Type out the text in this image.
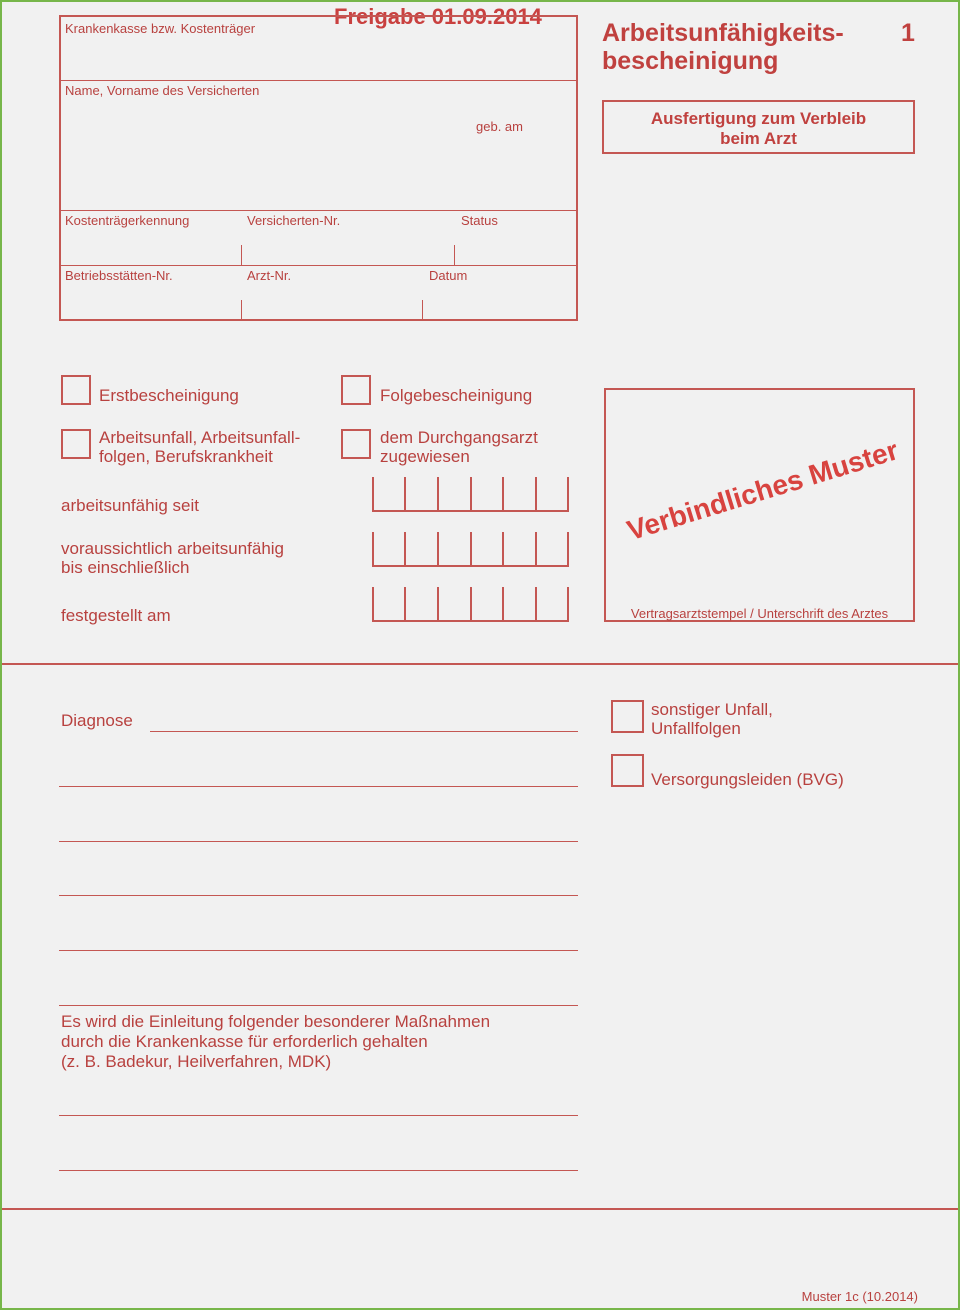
Freigabe 01.09.2014
Arbeitsunfähigkeits-
bescheinigung
1
Ausfertigung zum Verbleib
beim Arzt
Krankenkasse bzw. Kostenträger
Name, Vorname des Versicherten
geb. am
Kostenträgerkennung	Versicherten-Nr.	Status
Betriebsstätten-Nr.	Arzt-Nr.	Datum
Erstbescheinigung	Folgebescheinigung
Arbeitsunfall, Arbeitsunfall-
folgen, Berufskrankheit
dem Durchgangsarzt
zugewiesen
arbeitsunfähig seit
voraussichtlich arbeitsunfähig
bis einschließlich
festgestellt am
Verbindliches Muster
Vertragsarztstempel / Unterschrift des Arztes
Diagnose
sonstiger Unfall,
Unfallfolgen
Versorgungsleiden (BVG)
Es wird die Einleitung folgender besonderer Maßnahmen
durch die Krankenkasse für erforderlich gehalten
(z. B. Badekur, Heilverfahren, MDK)
Muster 1c (10.2014)
